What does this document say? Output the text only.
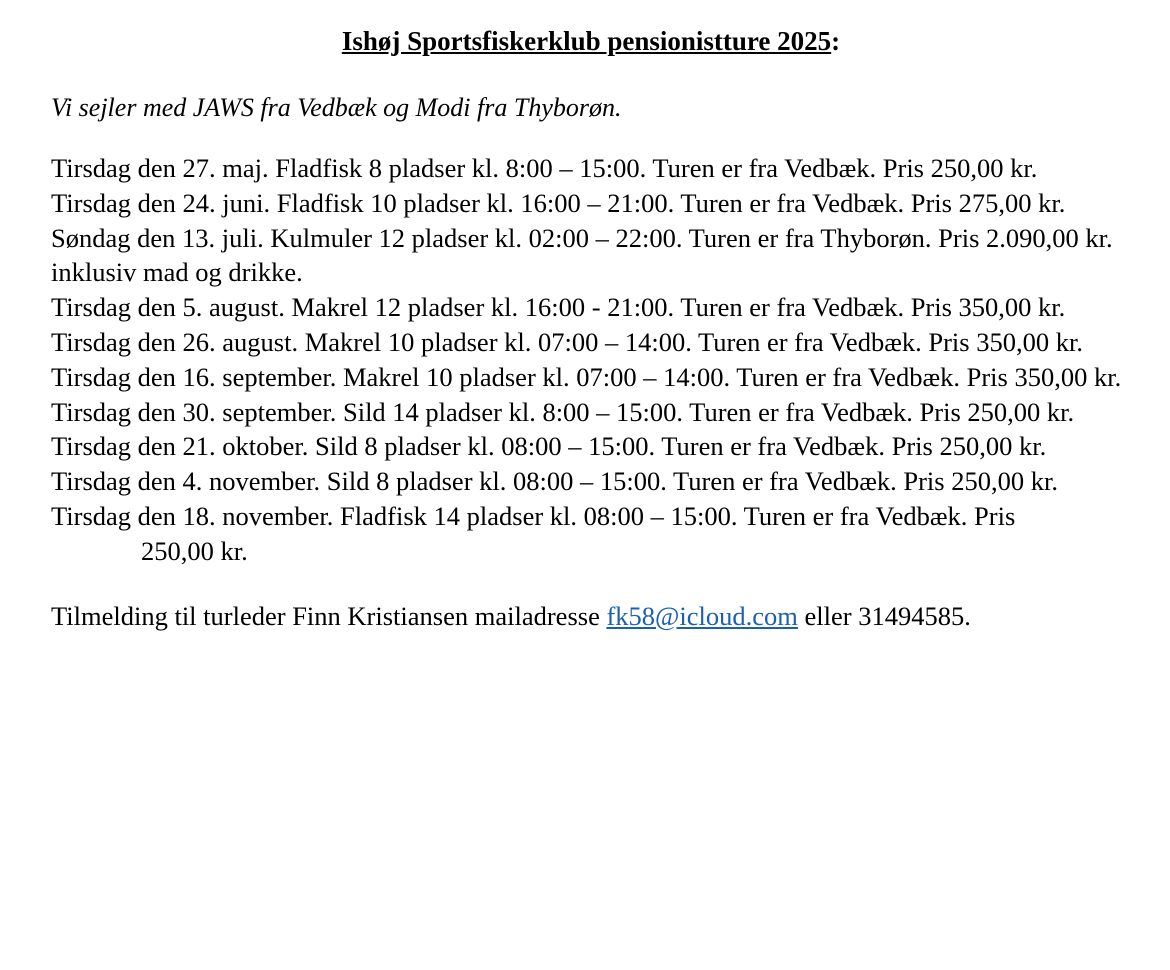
Ishøj Sportsfiskerklub pensionistture 2025:

Vi sejler med JAWS fra Vedbæk og Modi fra Thyborøn.

Tirsdag den 27. maj. Fladfisk 8 pladser kl. 8:00 – 15:00. Turen er fra Vedbæk. Pris 250,00 kr.
Tirsdag den 24. juni. Fladfisk 10 pladser kl. 16:00 – 21:00. Turen er fra Vedbæk. Pris 275,00 kr.
Søndag den 13. juli. Kulmuler 12 pladser kl. 02:00 – 22:00. Turen er fra Thyborøn. Pris 2.090,00 kr. inklusiv mad og drikke.
Tirsdag den 5. august. Makrel 12 pladser kl. 16:00 - 21:00. Turen er fra Vedbæk. Pris 350,00 kr.
Tirsdag den 26. august. Makrel 10 pladser kl. 07:00 – 14:00. Turen er fra Vedbæk. Pris 350,00 kr.
Tirsdag den 16. september. Makrel 10 pladser kl. 07:00 – 14:00. Turen er fra Vedbæk. Pris 350,00 kr.
Tirsdag den 30. september. Sild 14 pladser kl. 8:00 – 15:00. Turen er fra Vedbæk. Pris 250,00 kr.
Tirsdag den 21. oktober. Sild 8 pladser kl. 08:00 – 15:00. Turen er fra Vedbæk. Pris 250,00 kr.
Tirsdag den 4. november. Sild 8 pladser kl. 08:00 – 15:00. Turen er fra Vedbæk. Pris 250,00 kr.
Tirsdag den 18. november. Fladfisk 14 pladser kl. 08:00 – 15:00. Turen er fra Vedbæk. Pris
250,00 kr.

Tilmelding til turleder Finn Kristiansen mailadresse fk58@icloud.com eller 31494585.
